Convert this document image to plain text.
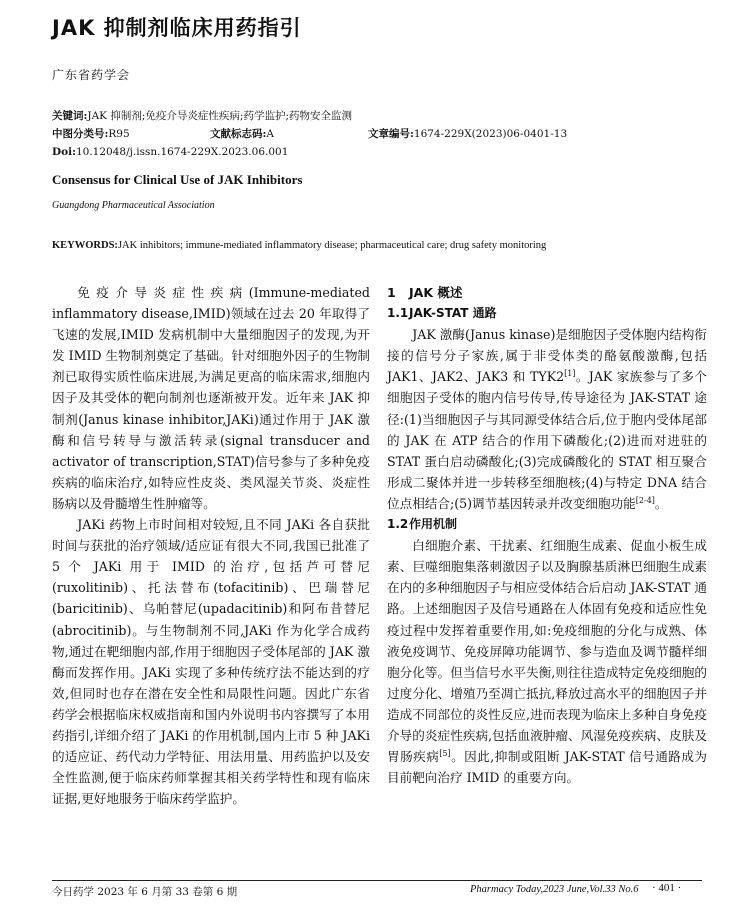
JAK 抑制剂临床用药指引
广东省药学会
关键词:JAK 抑制剂;免疫介导炎症性疾病;药学监护;药物安全监测
中图分类号:R95	文献标志码:A	文章编号:1674-229X(2023)06-0401-13
Doi:10.12048/j.issn.1674-229X.2023.06.001
Consensus for Clinical Use of JAK Inhibitors
Guangdong Pharmaceutical Association
KEYWORDS:JAK inhibitors; immune-mediated inflammatory disease; pharmaceutical care; drug safety monitoring

免疫介导炎症性疾病(Immune-mediated inflammatory disease,IMID)领域在过去 20 年取得了飞速的发展,IMID 发病机制中大量细胞因子的发现,为开发 IMID 生物制剂奠定了基础。针对细胞外因子的生物制剂已取得实质性临床进展,为满足更高的临床需求,细胞内因子及其受体的靶向制剂也逐渐被开发。近年来 JAK 抑制剂(Janus kinase inhibitor,JAKi)通过作用于 JAK 激酶和信号转导与激活转录(signal transducer and activator of transcription,STAT)信号参与了多种免疫疾病的临床治疗,如特应性皮炎、类风湿关节炎、炎症性肠病以及骨髓增生性肿瘤等。

JAKi 药物上市时间相对较短,且不同 JAKi 各自获批时间与获批的治疗领域/适应证有很大不同,我国已批准了 5 个 JAKi 用于 IMID 的治疗,包括芦可替尼(ruxolitinib)、托法替布(tofacitinib)、巴瑞替尼(baricitinib)、乌帕替尼(upadacitinib)和阿布昔替尼(abrocitinib)。与生物制剂不同,JAKi 作为化学合成药物,通过在靶细胞内部,作用于细胞因子受体尾部的 JAK 激酶而发挥作用。JAKi 实现了多种传统疗法不能达到的疗效,但同时也存在潜在安全性和局限性问题。因此广东省药学会根据临床权威指南和国内外说明书内容撰写了本用药指引,详细介绍了 JAKi 的作用机制,国内上市 5 种 JAKi 的适应证、药代动力学特征、用法用量、用药监护以及安全性监测,便于临床药师掌握其相关药学特性和现有临床证据,更好地服务于临床药学监护。

1 JAK 概述
1.1JAK-STAT 通路

JAK 激酶(Janus kinase)是细胞因子受体胞内结构衔接的信号分子家族,属于非受体类的酪氨酸激酶,包括 JAK1、JAK2、JAK3 和 TYK2[1]。JAK 家族参与了多个细胞因子受体的胞内信号传导,传导途径为 JAK-STAT 途径:(1)当细胞因子与其同源受体结合后,位于胞内受体尾部的 JAK 在 ATP 结合的作用下磷酸化;(2)进而对进驻的 STAT 蛋白启动磷酸化;(3)完成磷酸化的 STAT 相互聚合形成二聚体并进一步转移至细胞核;(4)与特定 DNA 结合位点相结合;(5)调节基因转录并改变细胞功能[2-4]。

1.2作用机制

白细胞介素、干扰素、红细胞生成素、促血小板生成素、巨噬细胞集落刺激因子以及胸腺基质淋巴细胞生成素在内的多种细胞因子与相应受体结合后启动 JAK-STAT 通路。上述细胞因子及信号通路在人体固有免疫和适应性免疫过程中发挥着重要作用,如:免疫细胞的分化与成熟、体液免疫调节、免疫屏障功能调节、参与造血及调节髓样细胞分化等。但当信号水平失衡,则往往造成特定免疫细胞的过度分化、增殖乃至凋亡抵抗,释放过高水平的细胞因子并造成不同部位的炎性反应,进而表现为临床上多种自身免疫介导的炎症性疾病,包括血液肿瘤、风湿免疫疾病、皮肤及胃肠疾病[5]。因此,抑制或阻断 JAK-STAT 信号通路成为目前靶向治疗 IMID 的重要方向。

今日药学 2023 年 6 月第 33 卷第 6 期	Pharmacy Today,2023 June,Vol.33 No.6 · 401 ·
